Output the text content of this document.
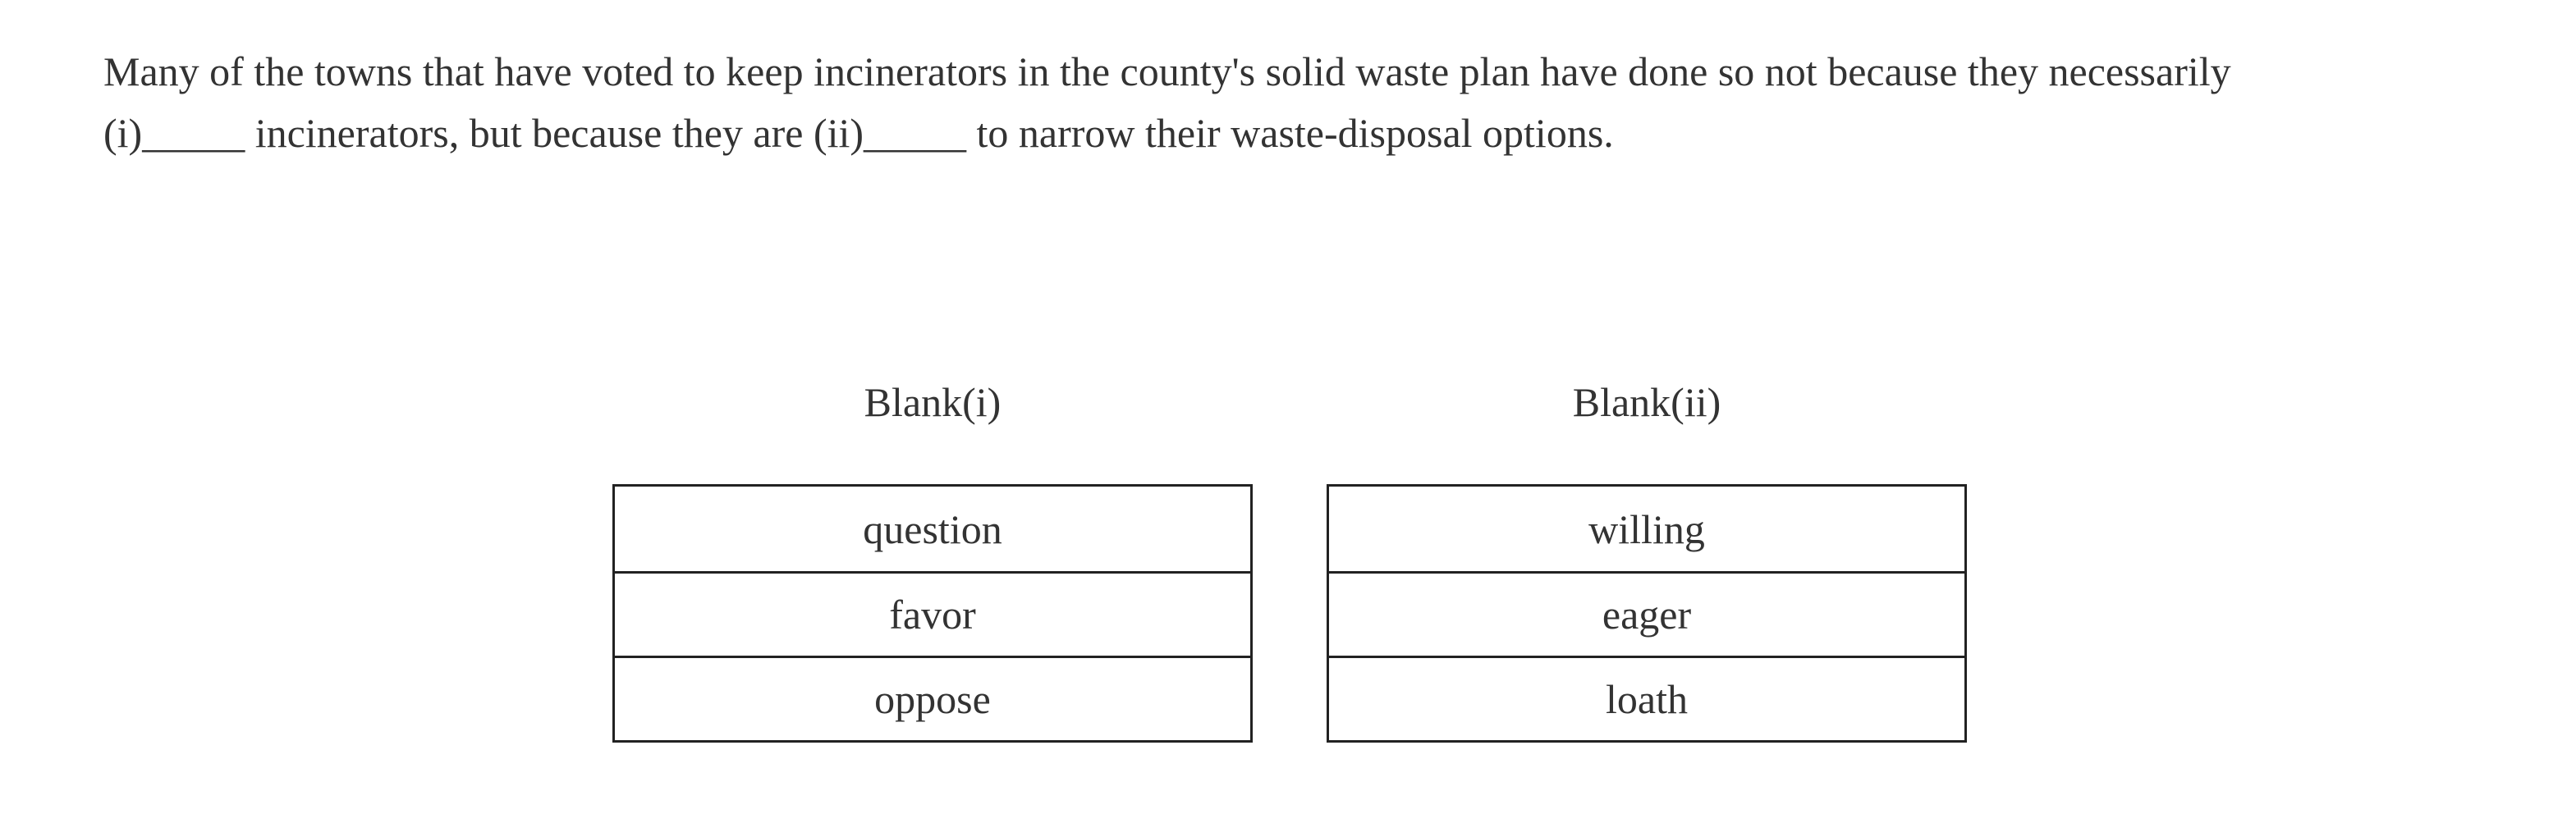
Many of the towns that have voted to keep incinerators in the county's solid waste plan have done so not because they necessarily

(i)_____ incinerators, but because they are (ii)_____ to narrow their waste-disposal options.

Blank(i)
question
favor
oppose
Blank(ii)
willing
eager
loath
